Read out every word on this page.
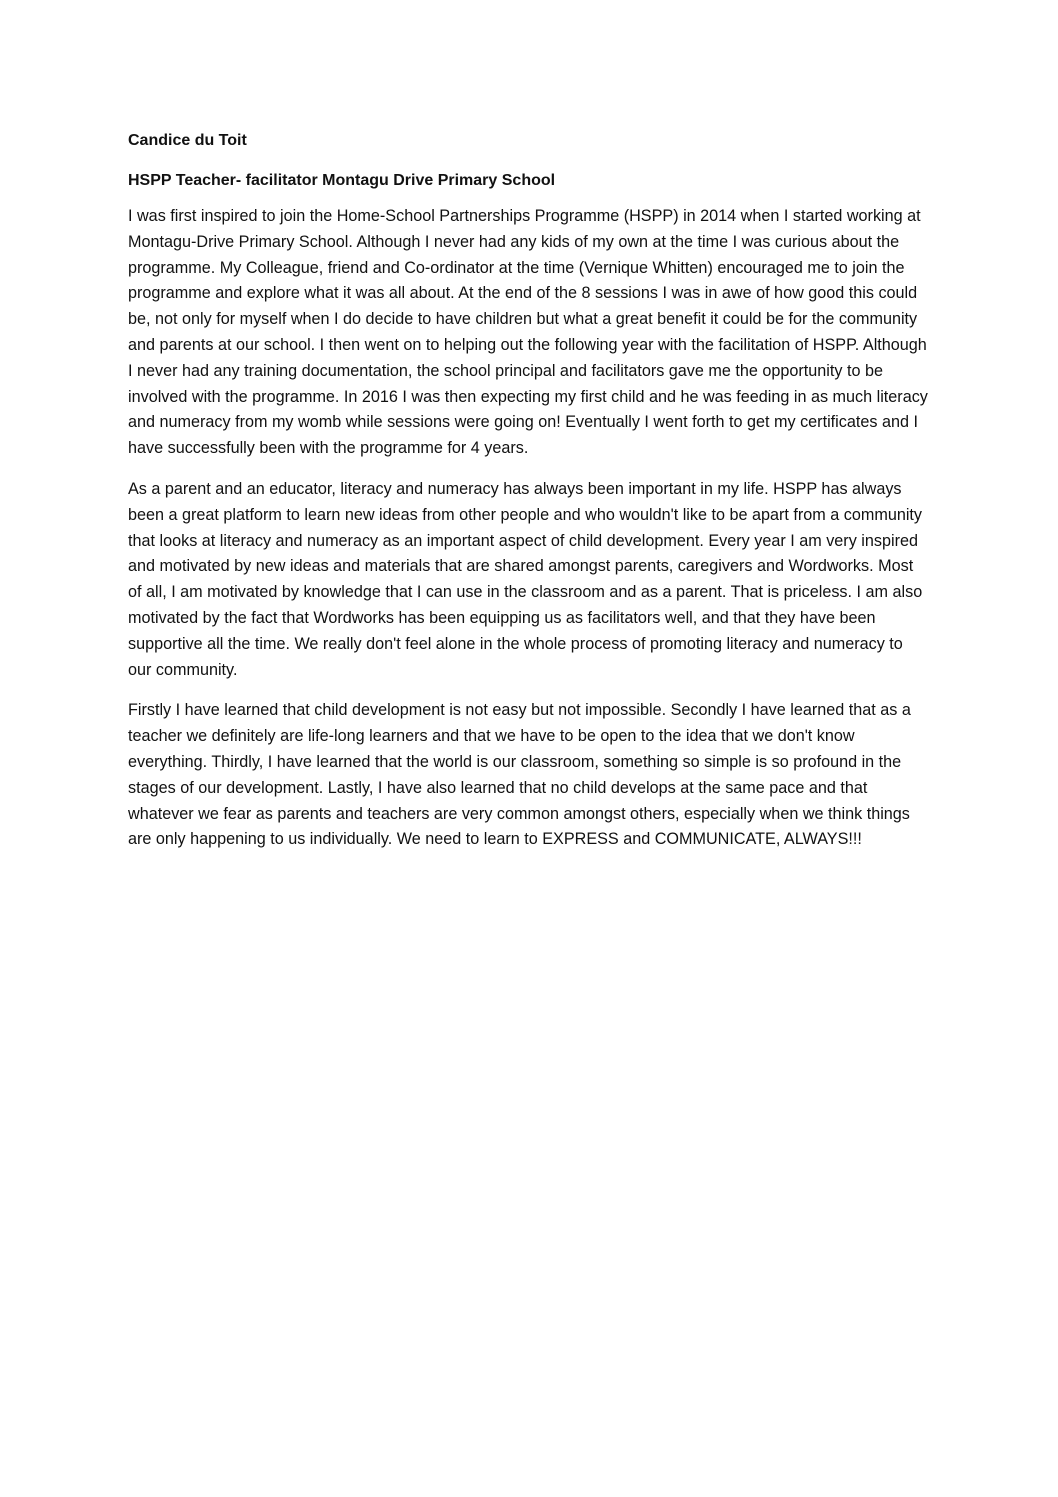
Candice du Toit

HSPP Teacher- facilitator Montagu Drive Primary School

I was first inspired to join the Home-School Partnerships Programme (HSPP) in 2014 when I started working at Montagu-Drive Primary School. Although I never had any kids of my own at the time I was curious about the programme. My Colleague, friend and Co-ordinator at the time (Vernique Whitten) encouraged me to join the programme and explore what it was all about. At the end of the 8 sessions I was in awe of how good this could be, not only for myself when I do decide to have children but what a great benefit it could be for the community and parents at our school. I then went on to helping out the following year with the facilitation of HSPP. Although I never had any training documentation, the school principal and facilitators gave me the opportunity to be involved with the programme. In 2016 I was then expecting my first child and he was feeding in as much literacy and numeracy from my womb while sessions were going on! Eventually I went forth to get my certificates and I have successfully been with the programme for 4 years.

As a parent and an educator, literacy and numeracy has always been important in my life. HSPP has always been a great platform to learn new ideas from other people and who wouldn't like to be apart from a community that looks at literacy and numeracy as an important aspect of child development. Every year I am very inspired and motivated by new ideas and materials that are shared amongst parents, caregivers and Wordworks. Most of all, I am motivated by knowledge that I can use in the classroom and as a parent. That is priceless. I am also motivated by the fact that Wordworks has been equipping us as facilitators well, and that they have been supportive all the time. We really don't feel alone in the whole process of promoting literacy and numeracy to our community.

Firstly I have learned that child development is not easy but not impossible. Secondly I have learned that as a teacher we definitely are life-long learners and that we have to be open to the idea that we don't know everything. Thirdly, I have learned that the world is our classroom, something so simple is so profound in the stages of our development. Lastly, I have also learned that no child develops at the same pace and that whatever we fear as parents and teachers are very common amongst others, especially when we think things are only happening to us individually. We need to learn to EXPRESS and COMMUNICATE, ALWAYS!!!
